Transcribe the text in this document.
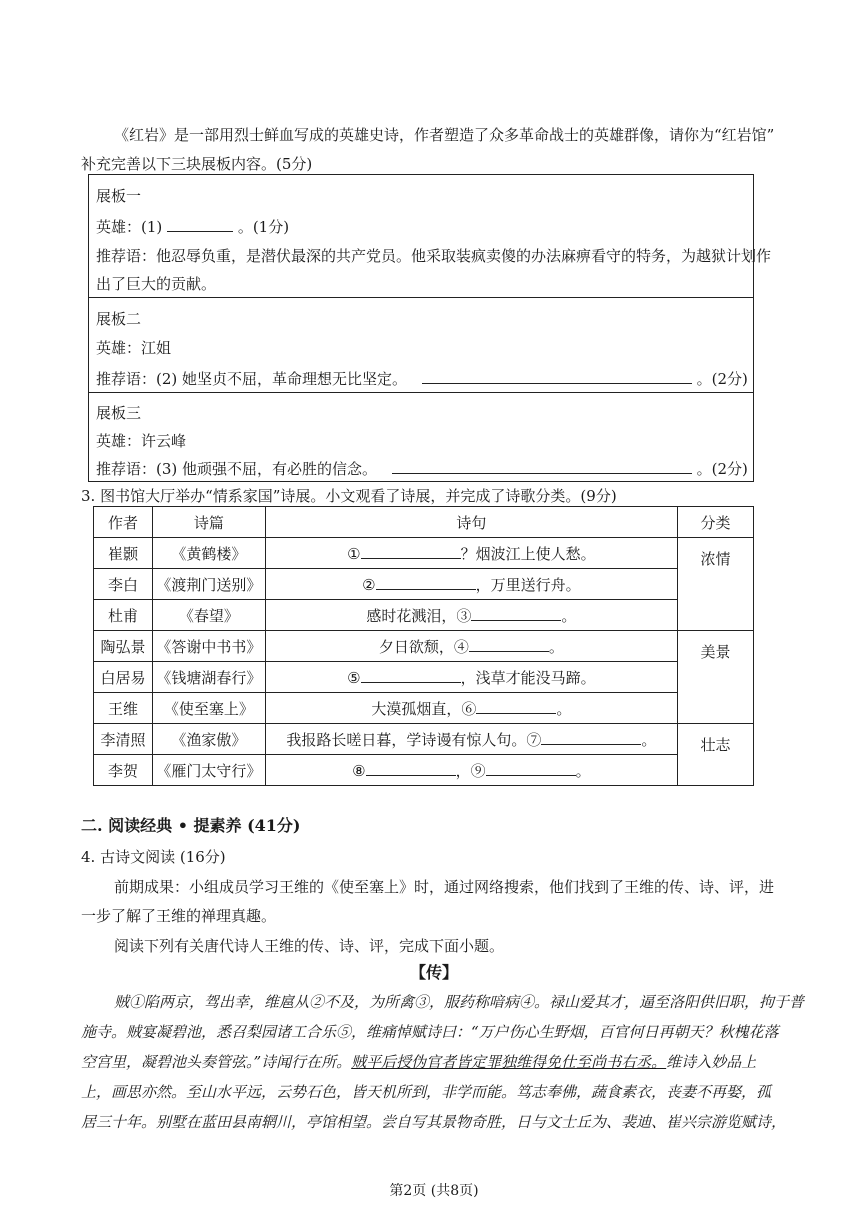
《红岩》是一部用烈士鲜血写成的英雄史诗，作者塑造了众多革命战士的英雄群像，请你为“红岩馆”
补充完善以下三块展板内容。(5分)
展板一
英雄：(1)	。(1分)
推荐语：他忍辱负重，是潜伏最深的共产党员。他采取装疯卖傻的办法麻痹看守的特务，为越狱计划作
出了巨大的贡献。
展板二
英雄：江姐
推荐语：(2) 她坚贞不屈，革命理想无比坚定。	。(2分)
展板三
英雄：许云峰
推荐语：(3) 他顽强不屈，有必胜的信念。	。(2分)
3. 图书馆大厅举办“情系家国”诗展。小文观看了诗展，并完成了诗歌分类。(9分)
作者	诗篇	诗句	分类
崔颢	《黄鹤楼》	① ？烟波江上使人愁。	浓情
李白	《渡荆门送别》	② ，万里送行舟。	
杜甫	《春望》	感时花溅泪，③ 。	
陶弘景	《答谢中书书》	夕日欲颓，④ 。	美景
白居易	《钱塘湖春行》	⑤ ，浅草才能没马蹄。	
王维	《使至塞上》	大漠孤烟直，⑥ 。	
李清照	《渔家傲》	我报路长嗟日暮，学诗谩有惊人句。⑦ 。	壮志
李贺	《雁门太守行》	⑧ ，⑨ 。	
二. 阅读经典 • 提素养 (41分)
4. 古诗文阅读 (16分)
前期成果：小组成员学习王维的《使至塞上》时，通过网络搜索，他们找到了王维的传、诗、评，进
一步了解了王维的禅理真趣。
阅读下列有关唐代诗人王维的传、诗、评，完成下面小题。
【传】
贼①陷两京，驾出幸，维扈从②不及，为所禽③，服药称喑病④。禄山爱其才，逼至洛阳供旧职，拘于普
施寺。贼宴凝碧池，悉召梨园诸工合乐⑤，维痛悼赋诗曰：“万户伤心生野烟，百官何日再朝天？秋槐花落
空宫里，凝碧池头奏管弦。”诗闻行在所。贼平后授伪官者皆定罪独维得免仕至尚书右丞。维诗入妙品上
上，画思亦然。至山水平远，云势石色，皆天机所到，非学而能。笃志奉佛，蔬食素衣，丧妻不再娶，孤
居三十年。别墅在蓝田县南辋川，亭馆相望。尝自写其景物奇胜，日与文士丘为、裴迪、崔兴宗游览赋诗，
第2页 (共8页)
